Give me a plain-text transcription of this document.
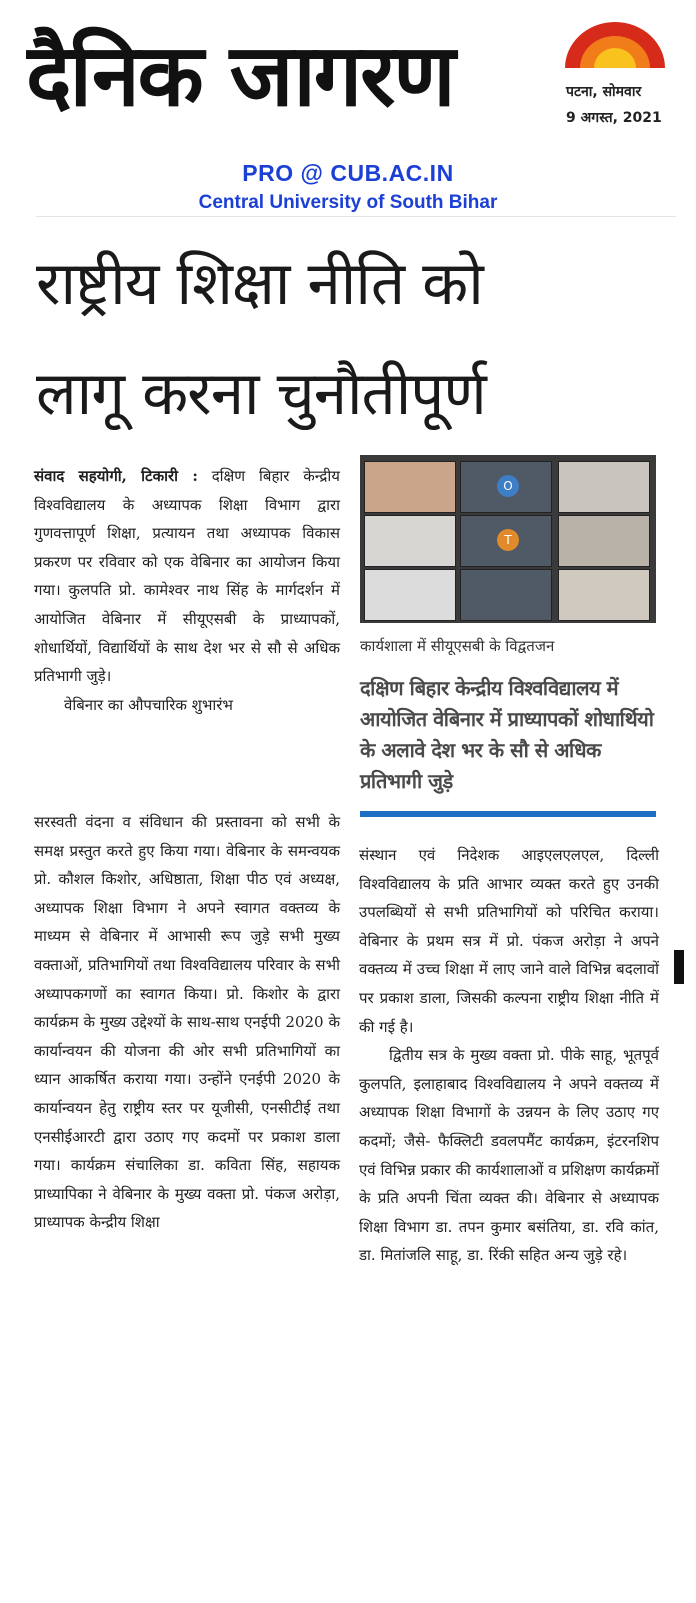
दैनिक जागरण	पटना, सोमवार
9 अगस्त, 2021
PRO @ CUB.AC.IN
Central University of South Bihar
राष्ट्रीय शिक्षा नीति को
लागू करना चुनौतीपूर्ण

संवाद सहयोगी, टिकारी : दक्षिण बिहार केन्द्रीय विश्वविद्यालय के अध्यापक शिक्षा विभाग द्वारा गुणवत्तापूर्ण शिक्षा, प्रत्यायन तथा अध्यापक विकास प्रकरण पर रविवार को एक वेबिनार का आयोजन किया गया। कुलपति प्रो. कामेश्वर नाथ सिंह के मार्गदर्शन में आयोजित वेबिनार में सीयूएसबी के प्राध्यापकों, शोधार्थियों, विद्यार्थियों के साथ देश भर से सौ से अधिक प्रतिभागी जुड़े।

वेबिनार का औपचारिक शुभारंभ

O
T
कार्यशाला में सीयूएसबी के विद्वतजन
दक्षिण बिहार केन्द्रीय विश्वविद्यालय में आयोजित वेबिनार में प्राध्यापकों शोधार्थियो के अलावे देश भर के सौ से अधिक प्रतिभागी जुड़े

सरस्वती वंदना व संविधान की प्रस्तावना को सभी के समक्ष प्रस्तुत करते हुए किया गया। वेबिनार के समन्वयक प्रो. कौशल किशोर, अधिष्ठाता, शिक्षा पीठ एवं अध्यक्ष, अध्यापक शिक्षा विभाग ने अपने स्वागत वक्तव्य के माध्यम से वेबिनार में आभासी रूप जुड़े सभी मुख्य वक्ताओं, प्रतिभागियों तथा विश्वविद्यालय परिवार के सभी अध्यापकगणों का स्वागत किया। प्रो. किशोर के द्वारा कार्यक्रम के मुख्य उद्देश्यों के साथ-साथ एनईपी 2020 के कार्यान्वयन की योजना की ओर सभी प्रतिभागियों का ध्यान आकर्षित कराया गया। उन्होंने एनईपी 2020 के कार्यान्वयन हेतु राष्ट्रीय स्तर पर यूजीसी, एनसीटीई तथा एनसीईआरटी द्वारा उठाए गए कदमों पर प्रकाश डाला गया। कार्यक्रम संचालिका डा. कविता सिंह, सहायक प्राध्यापिका ने वेबिनार के मुख्य वक्ता प्रो. पंकज अरोड़ा, प्राध्यापक केन्द्रीय शिक्षा

संस्थान एवं निदेशक आइएलएलएल, दिल्ली विश्वविद्यालय के प्रति आभार व्यक्त करते हुए उनकी उपलब्धियों से सभी प्रतिभागियों को परिचित कराया। वेबिनार के प्रथम सत्र में प्रो. पंकज अरोड़ा ने अपने वक्तव्य में उच्च शिक्षा में लाए जाने वाले विभिन्न बदलावों पर प्रकाश डाला, जिसकी कल्पना राष्ट्रीय शिक्षा नीति में की गई है।

द्वितीय सत्र के मुख्य वक्ता प्रो. पीके साहू, भूतपूर्व कुलपति, इलाहाबाद विश्वविद्यालय ने अपने वक्तव्य में अध्यापक शिक्षा विभागों के उन्नयन के लिए उठाए गए कदमों; जैसे- फैक्लिटी डवलपमैंट कार्यक्रम, इंटरनशिप एवं विभिन्न प्रकार की कार्यशालाओं व प्रशिक्षण कार्यक्रमों के प्रति अपनी चिंता व्यक्त की। वेबिनार से अध्यापक शिक्षा विभाग डा. तपन कुमार बसंतिया, डा. रवि कांत, डा. मितांजलि साहू, डा. रिंकी सहित अन्य जुड़े रहे।
